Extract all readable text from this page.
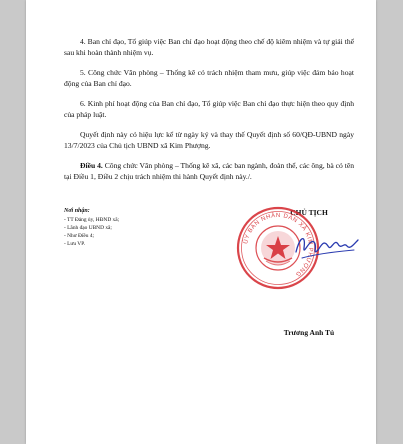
4. Ban chỉ đạo, Tổ giúp việc Ban chỉ đạo hoạt động theo chế độ kiêm nhiệm và tự giải thể sau khi hoàn thành nhiệm vụ.

5. Công chức Văn phòng – Thống kê có trách nhiệm tham mưu, giúp việc đảm bảo hoạt động của Ban chỉ đạo.

6. Kinh phí hoạt động của Ban chỉ đạo, Tổ giúp việc Ban chỉ đạo thực hiện theo quy định của pháp luật.

Quyết định này có hiệu lực kể từ ngày ký và thay thế Quyết định số 60/QĐ-UBND ngày 13/7/2023 của Chủ tịch UBND xã Kim Phượng.

Điều 4. Công chức Văn phòng – Thống kê xã, các ban ngành, đoàn thể, các ông, bà có tên tại Điều 1, Điều 2 chịu trách nhiệm thi hành Quyết định này./.

Nơi nhận:

- TT Đảng ủy, HĐND xã;

- Lãnh đạo UBND xã;

- Như Điều 4;

- Lưu VP.

CHỦ TỊCH

ỦY BAN NHÂN DÂN XÃ KIM PHƯỢNG

Trương Anh Tú
